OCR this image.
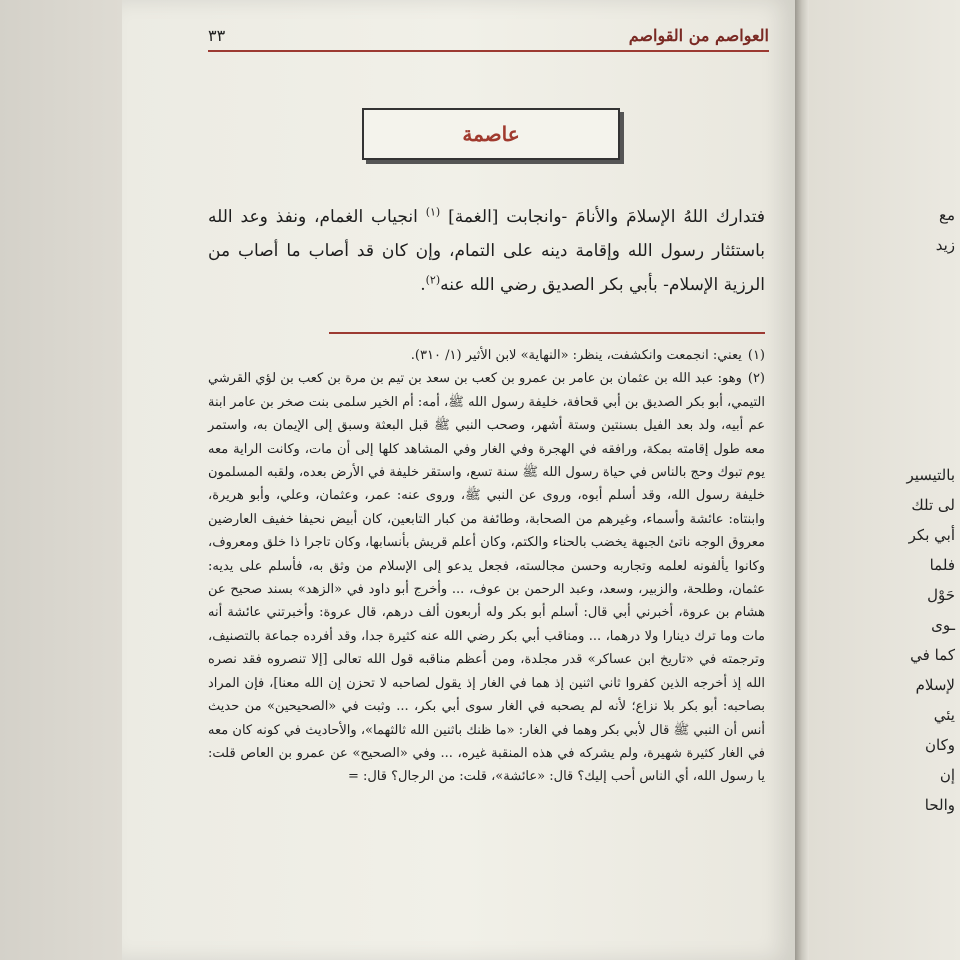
العواصم من القواصم
٣٣
عاصمة

فتدارك اللهُ الإسلامَ والأنامَ -وانجابت [الغمة] $^{(١)}$ انجياب الغمام، ونفذ وعد الله باستئثار رسول الله وإقامة دينه على التمام، وإن كان قد أصاب ما أصاب من الرزية الإسلام- بأبي بكر الصديق رضي الله عنه$^{(٢)}$.

(١)يعني: انجمعت وانكشفت، ينظر: «النهاية» لابن الأثير (١/ ٣١٠).

(٢)وهو: عبد الله بن عثمان بن عامر بن عمرو بن كعب بن سعد بن تيم بن مرة بن كعب بن لؤي القرشي التيمي، أبو بكر الصديق بن أبي قحافة، خليفة رسول الله ﷺ، أمه: أم الخير سلمى بنت صخر بن عامر ابنة عم أبيه، ولد بعد الفيل بسنتين وستة أشهر، وصحب النبي ﷺ قبل البعثة وسبق إلى الإيمان به، واستمر معه طول إقامته بمكة، ورافقه في الهجرة وفي الغار وفي المشاهد كلها إلى أن مات، وكانت الراية معه يوم تبوك وحج بالناس في حياة رسول الله ﷺ سنة تسع، واستقر خليفة في الأرض بعده، ولقبه المسلمون خليفة رسول الله، وقد أسلم أبوه، وروى عن النبي ﷺ، وروى عنه: عمر، وعثمان، وعلي، وأبو هريرة، وابنتاه: عائشة وأسماء، وغيرهم من الصحابة، وطائفة من كبار التابعين، كان أبيض نحيفا خفيف العارضين معروق الوجه ناتئ الجبهة يخضب بالحناء والكتم، وكان أعلم قريش بأنسابها، وكان تاجرا ذا خلق ومعروف، وكانوا يألفونه لعلمه وتجاربه وحسن مجالسته، فجعل يدعو إلى الإسلام من وثق به، فأسلم على يديه: عثمان، وطلحة، والزبير، وسعد، وعبد الرحمن بن عوف، ... وأخرج أبو داود في «الزهد» بسند صحيح عن هشام بن عروة، أخبرني أبي قال: أسلم أبو بكر وله أربعون ألف درهم، قال عروة: وأخبرتني عائشة أنه مات وما ترك دينارا ولا درهما، ... ومناقب أبي بكر رضي الله عنه كثيرة جدا، وقد أفرده جماعة بالتصنيف، وترجمته في «تاريخ ابن عساكر» قدر مجلدة، ومن أعظم مناقبه قول الله تعالى [إلا تنصروه فقد نصره الله إذ أخرجه الذين كفروا ثاني اثنين إذ هما في الغار إذ يقول لصاحبه لا تحزن إن الله معنا]، فإن المراد بصاحبه: أبو بكر بلا نزاع؛ لأنه لم يصحبه في الغار سوى أبي بكر، ... وثبت في «الصحيحين» من حديث أنس أن النبي ﷺ قال لأبي بكر وهما في الغار: «ما ظنك باثنين الله ثالثهما»، والأحاديث في كونه كان معه في الغار كثيرة شهيرة، ولم يشركه في هذه المنقبة غيره، ... وفي «الصحيح» عن عمرو بن العاص قلت: يا رسول الله، أي الناس أحب إليك؟ قال: «عائشة»، قلت: من الرجال؟ قال: =

مع
زيد
بالتيسير
لى تلك
أبي بكر
فلما
حَوْل
ـوى
كما في
لإسلام
يئي
وكان
إن
والحا
